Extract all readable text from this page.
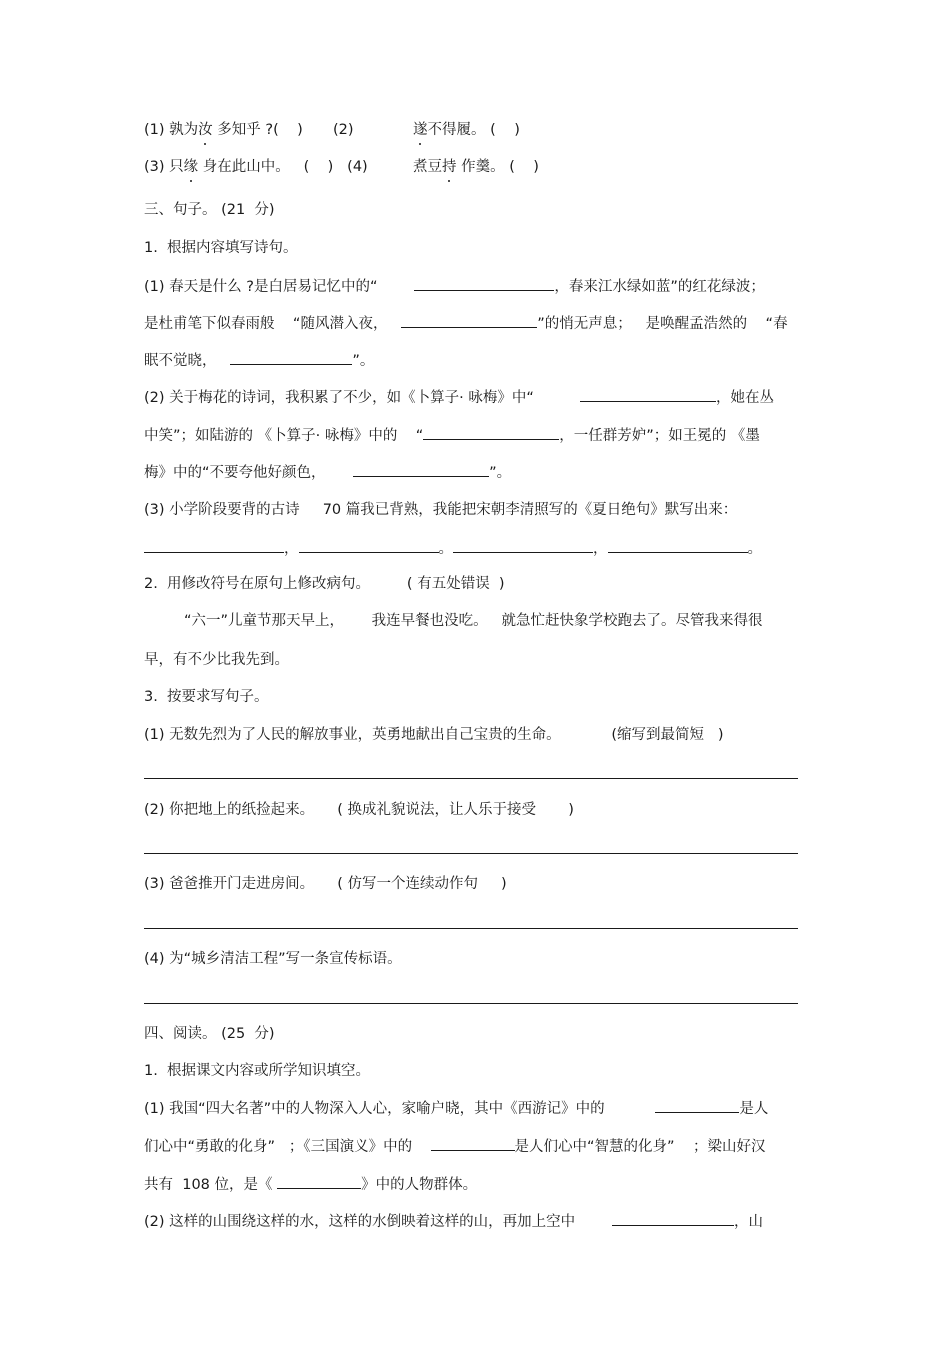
(1) 孰为汝 多知乎 ?(    ) (2)	遂不得履。 (    )
(3) 只缘 身在此山中。   (    )   (4)	煮豆持 作羹。 (    )
三、句子。 (21  分)
1.  根据内容填写诗句。
(1) 春天是什么 ?是白居易记忆中的“	，春来江水绿如蓝”的红花绿波；
是杜甫笔下似春雨般    “随风潜入夜，	”的悄无声息；   是唤醒孟浩然的    “春
眠不觉晓，	”。
(2) 关于梅花的诗词，我积累了不少，如《卜算子· 咏梅》中“	，她在丛
中笑”；如陆游的 《卜算子· 咏梅》中的    “	，一任群芳妒”；如王冕的 《墨
梅》中的“不要夸他好颜色，	”。
(3) 小学阶段要背的古诗     70 篇我已背熟，我能把宋朝李清照写的《夏日绝句》默写出来：
，	。	，	。
2.  用修改符号在原句上修改病句。        ( 有五处错误  )
“六一”儿童节那天早上，      我连早餐也没吃。   就急忙赶快象学校跑去了。尽管我来得很
早，有不少比我先到。
3.  按要求写句子。
(1) 无数先烈为了人民的解放事业，英勇地献出自己宝贵的生命。           (缩写到最简短   )
(2) 你把地上的纸捡起来。     ( 换成礼貌说法，让人乐于接受       )
(3) 爸爸推开门走进房间。     ( 仿写一个连续动作句     )
(4) 为“城乡清洁工程”写一条宣传标语。
四、阅读。 (25  分)
1.  根据课文内容或所学知识填空。
(1) 我国“四大名著”中的人物深入人心，家喻户晓，其中《西游记》中的	是人
们心中“勇敢的化身”   ；《三国演义》中的	是人们心中“智慧的化身”    ；梁山好汉
共有  108 位，是《	》中的人物群体。
(2) 这样的山围绕这样的水，这样的水倒映着这样的山，再加上空中	，山
